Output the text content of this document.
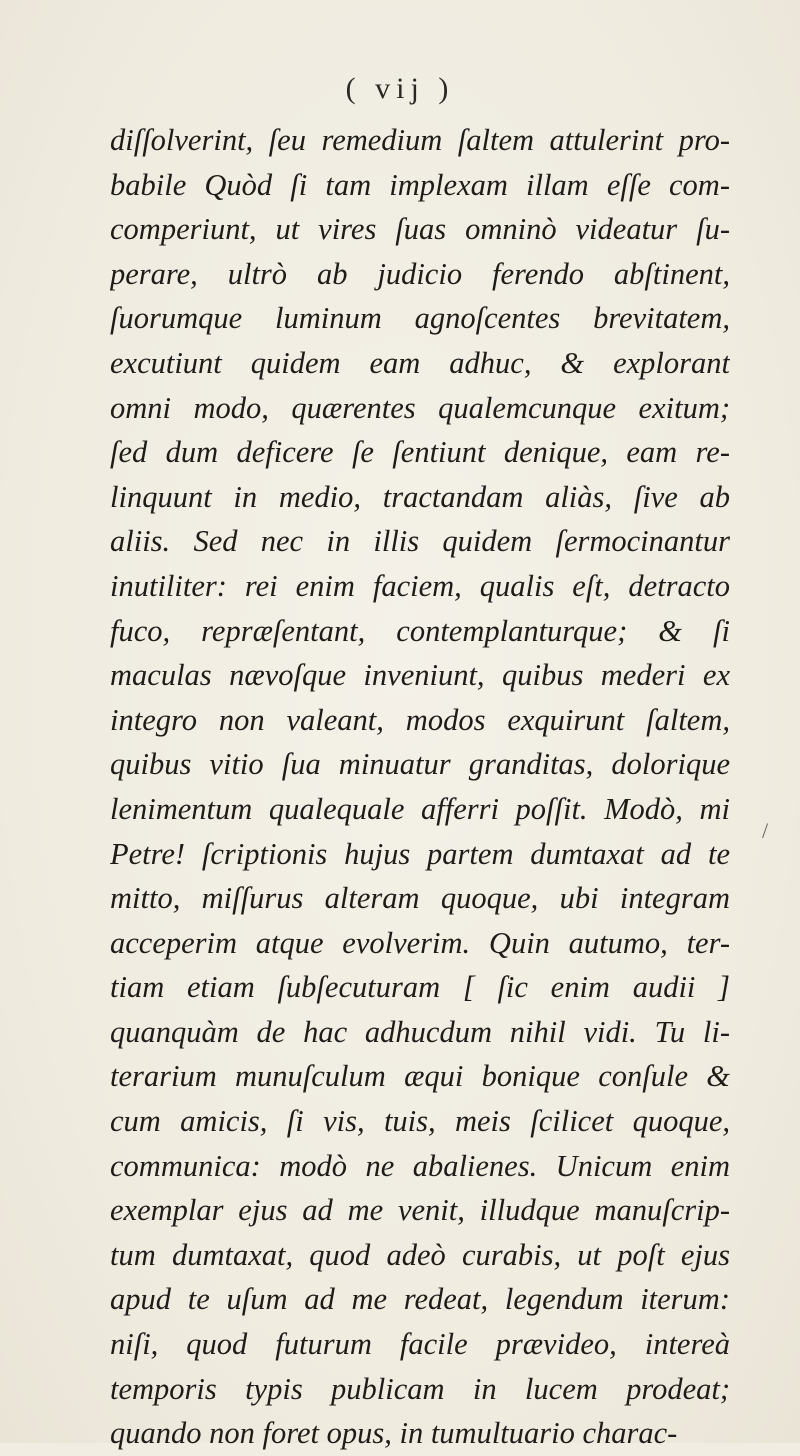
( vij )
diſſolverint, ſeu remedium ſaltem attulerint pro-
babile Quòd ſi tam implexam illam eſſe com-
comperiunt, ut vires ſuas omninò videatur ſu-
perare, ultrò ab judicio ferendo abſtinent,
ſuorumque luminum agnoſcentes brevitatem,
excutiunt quidem eam adhuc, & explorant
omni modo, quærentes qualemcunque exitum;
ſed dum deficere ſe ſentiunt denique, eam re-
linquunt in medio, tractandam aliàs, ſive ab
aliis. Sed nec in illis quidem ſermocinantur
inutiliter: rei enim faciem, qualis eſt, detracto
fuco, repræſentant, contemplanturque; & ſi
maculas nævoſque inveniunt, quibus mederi ex
integro non valeant, modos exquirunt ſaltem,
quibus vitio ſua minuatur granditas, dolorique
lenimentum qualequale afferri poſſit. Modò, mi
Petre! ſcriptionis hujus partem dumtaxat ad te
mitto, miſſurus alteram quoque, ubi integram
acceperim atque evolverim. Quin autumo, ter-
tiam etiam ſubſecuturam [ ſic enim audii ]
quanquàm de hac adhucdum nihil vidi. Tu li-
terarium munuſculum æqui bonique conſule &
cum amicis, ſi vis, tuis, meis ſcilicet quoque,
communica: modò ne abalienes. Unicum enim
exemplar ejus ad me venit, illudque manuſcrip-
tum dumtaxat, quod adeò curabis, ut poſt ejus
apud te uſum ad me redeat, legendum iterum:
niſi, quod futurum facile prævideo, intereà
temporis typis publicam in lucem prodeat;
quando non foret opus, in tumultuario charac-
/
